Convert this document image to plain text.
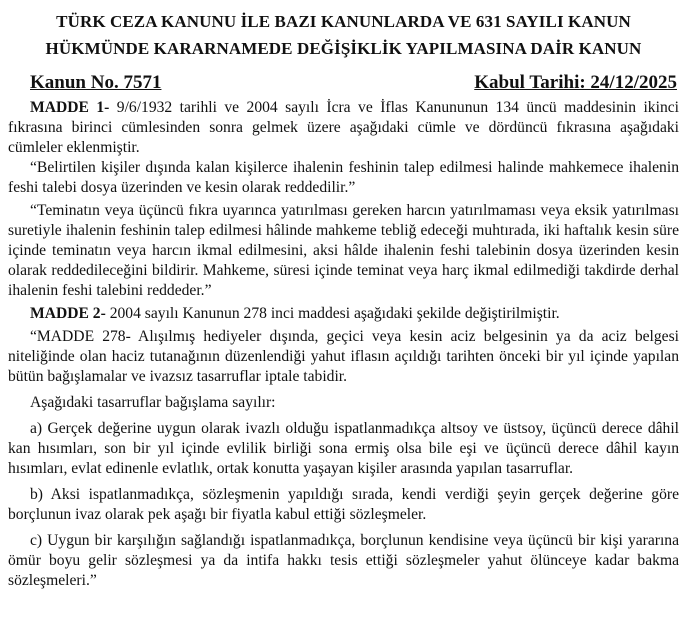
TÜRK CEZA KANUNU İLE BAZI KANUNLARDA VE 631 SAYILI KANUN
HÜKMÜNDE KARARNAMEDE DEĞİŞİKLİK YAPILMASINA DAİR KANUN
Kanun No. 7571	Kabul Tarihi: 24/12/2025

MADDE 1- 9/6/1932 tarihli ve 2004 sayılı İcra ve İflas Kanununun 134 üncü maddesinin ikinci fıkrasına birinci cümlesinden sonra gelmek üzere aşağıdaki cümle ve dördüncü fıkrasına aşağıdaki cümleler eklenmiştir.

“Belirtilen kişiler dışında kalan kişilerce ihalenin feshinin talep edilmesi halinde mahkemece ihalenin feshi talebi dosya üzerinden ve kesin olarak reddedilir.”

“Teminatın veya üçüncü fıkra uyarınca yatırılması gereken harcın yatırılmaması veya eksik yatırılması suretiyle ihalenin feshinin talep edilmesi hâlinde mahkeme tebliğ edeceği muhtırada, iki haftalık kesin süre içinde teminatın veya harcın ikmal edilmesini, aksi hâlde ihalenin feshi talebinin dosya üzerinden kesin olarak reddedileceğini bildirir. Mahkeme, süresi içinde teminat veya harç ikmal edilmediği takdirde derhal ihalenin feshi talebini reddeder.”

MADDE 2- 2004 sayılı Kanunun 278 inci maddesi aşağıdaki şekilde değiştirilmiştir.

“MADDE 278- Alışılmış hediyeler dışında, geçici veya kesin aciz belgesinin ya da aciz belgesi niteliğinde olan haciz tutanağının düzenlendiği yahut iflasın açıldığı tarihten önceki bir yıl içinde yapılan bütün bağışlamalar ve ivazsız tasarruflar iptale tabidir.

Aşağıdaki tasarruflar bağışlama sayılır:

a) Gerçek değerine uygun olarak ivazlı olduğu ispatlanmadıkça altsoy ve üstsoy, üçüncü derece dâhil kan hısımları, son bir yıl içinde evlilik birliği sona ermiş olsa bile eşi ve üçüncü derece dâhil kayın hısımları, evlat edinenle evlatlık, ortak konutta yaşayan kişiler arasında yapılan tasarruflar.

b) Aksi ispatlanmadıkça, sözleşmenin yapıldığı sırada, kendi verdiği şeyin gerçek değerine göre borçlunun ivaz olarak pek aşağı bir fiyatla kabul ettiği sözleşmeler.

c) Uygun bir karşılığın sağlandığı ispatlanmadıkça, borçlunun kendisine veya üçüncü bir kişi yararına ömür boyu gelir sözleşmesi ya da intifa hakkı tesis ettiği sözleşmeler yahut ölünceye kadar bakma sözleşmeleri.”
